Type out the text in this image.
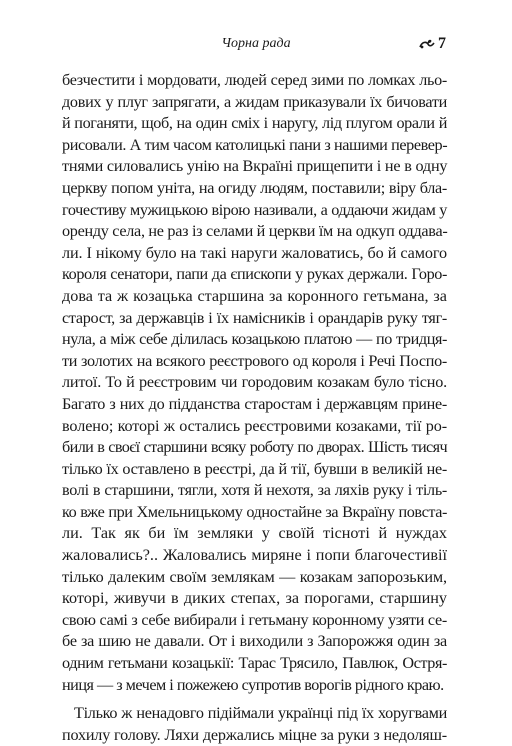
Чорна рада	7
безчестити і мордовати, людей серед зими по ломках льо-
дових у плуг запрягати, а жидам приказували їх бичовати
й поганяти, щоб, на один сміх і наругу, лід плугом орали й
рисовали. А тим часом католицькі пани з нашими перевер-
тнями силовались унію на Вкраїні прищепити і не в одну
церкву попом уніта, на огиду людям, поставили; віру бла-
гочестиву мужицькою вірою називали, а оддаючи жидам у
оренду села, не раз із селами й церкви їм на одкуп оддава-
ли. І нікому було на такі наруги жаловатись, бо й самого
короля сенатори, папи да єпископи у руках держали. Горо-
дова та ж козацька старшина за коронного гетьмана, за
старост, за державців і їх намісників і орандарів руку тяг-
нула, а між себе ділилась козацькою платою — по тридця-
ти золотих на всякого реєстрового од короля і Речі Поспо-
литої. То й реєстровим чи городовим козакам було тісно.
Багато з них до підданства старостам і державцям прине-
волено; которі ж остались реєстровими козаками, тії ро-
били в своєї старшини всяку роботу по дворах. Шість тисяч
тілько їх оставлено в реєстрі, да й тії, бувши в великій не-
волі в старшини, тягли, хотя й нехотя, за ляхів руку і тіль-
ко вже при Хмельницькому одностайне за Вкраїну повста-
ли. Так як би їм земляки у своїй тісноті й нуждах
жаловались?.. Жаловались миряне і попи благочестивії
тілько далеким своїм землякам — козакам запорозьким,
которі, живучи в диких степах, за порогами, старшину
свою самі з себе вибирали і гетьману коронному узяти се-
бе за шию не давали. От і виходили з Запорожжя один за
одним гетьмани козацькії: Тарас Трясило, Павлюк, Остря-
ниця — з мечем і пожежею супротив ворогів рідного краю.
Тілько ж ненадовго підіймали українці під їх хоругвами
похилу голову. Ляхи держались міцне за руки з недоляш-
